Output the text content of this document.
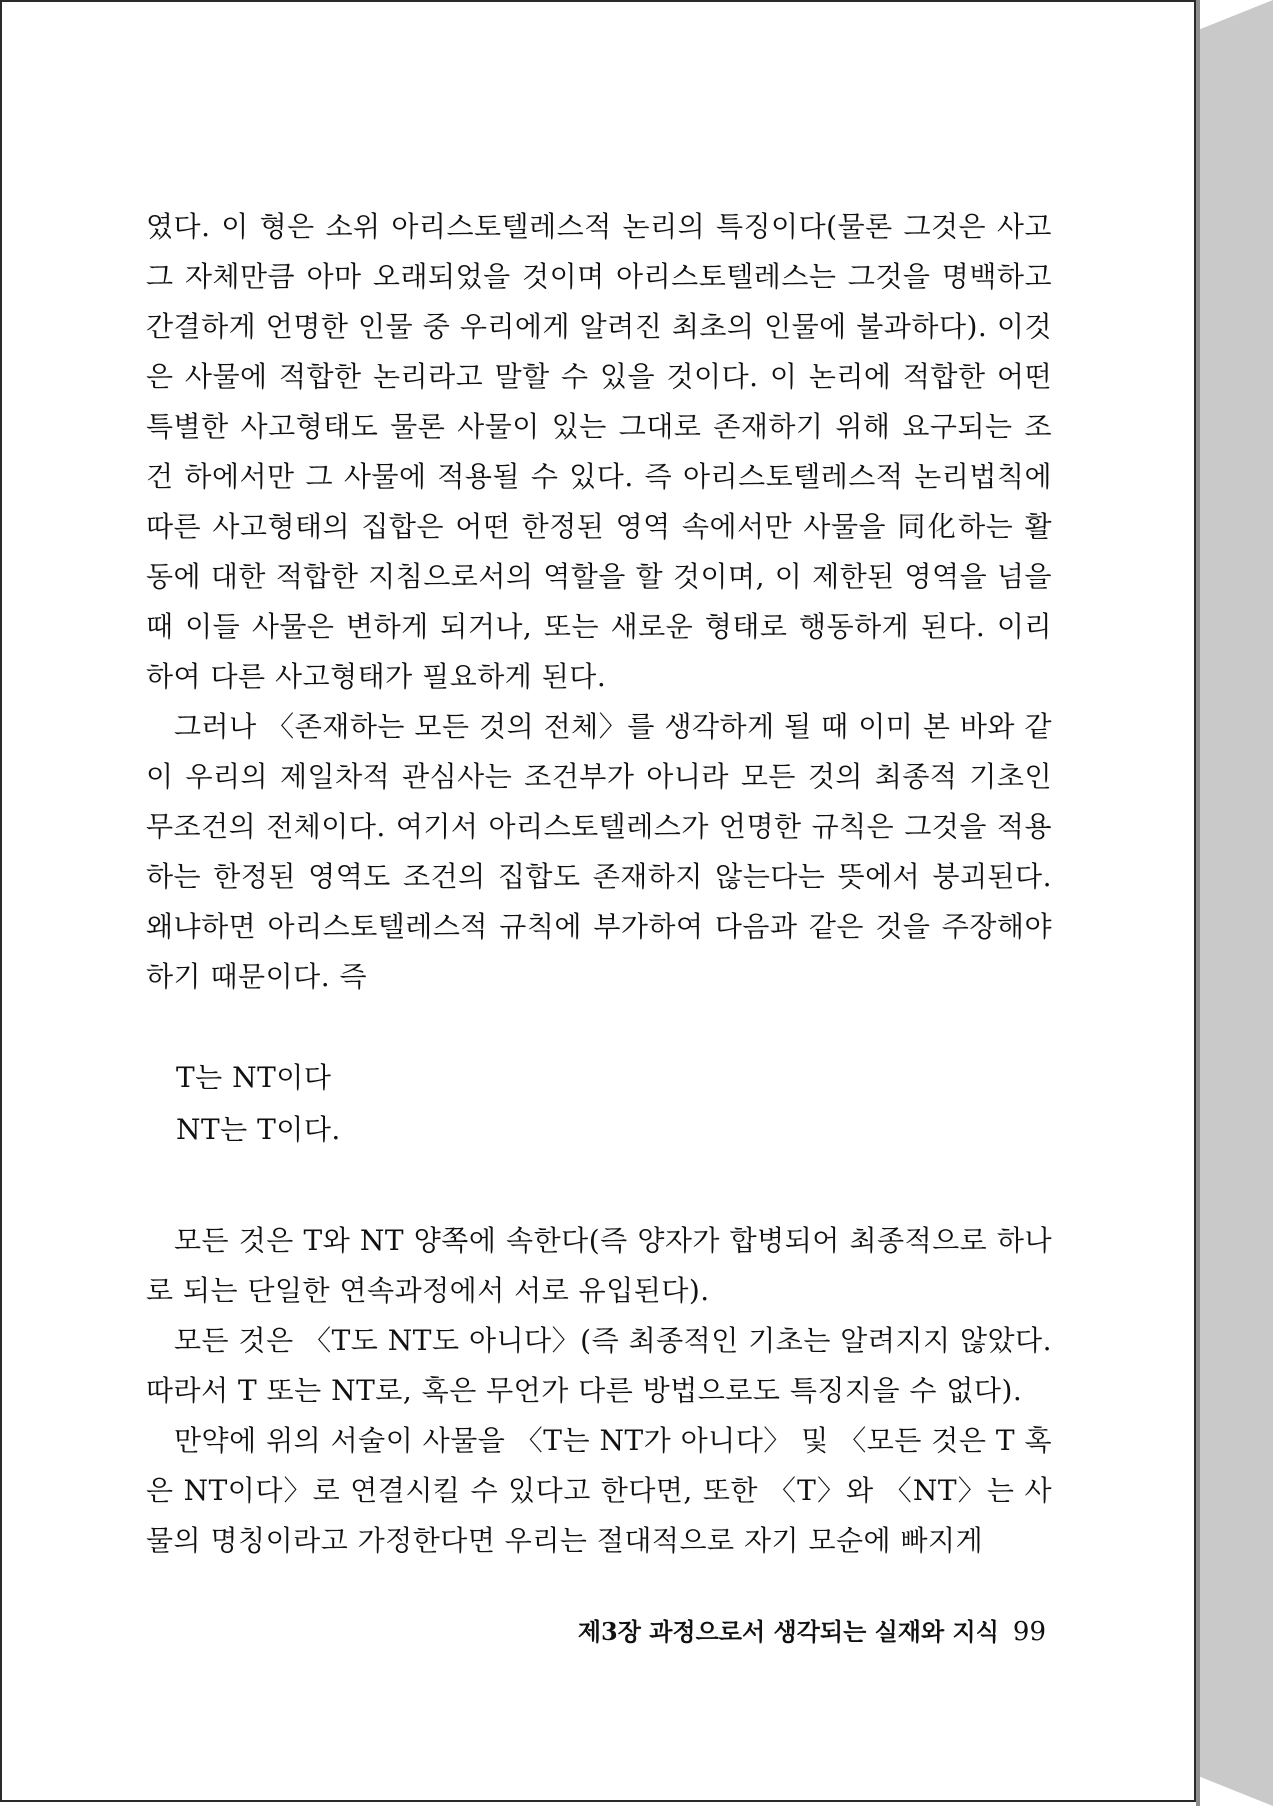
였다. 이 형은 소위 아리스토텔레스적 논리의 특징이다(물론 그것은 사고 그 자체만큼 아마 오래되었을 것이며 아리스토텔레스는 그것을 명백하고 간결하게 언명한 인물 중 우리에게 알려진 최초의 인물에 불과하다). 이것은 사물에 적합한 논리라고 말할 수 있을 것이다. 이 논리에 적합한 어떤 특별한 사고형태도 물론 사물이 있는 그대로 존재하기 위해 요구되는 조건 하에서만 그 사물에 적용될 수 있다. 즉 아리스토텔레스적 논리법칙에 따른 사고형태의 집합은 어떤 한정된 영역 속에서만 사물을 同化하는 활동에 대한 적합한 지침으로서의 역할을 할 것이며, 이 제한된 영역을 넘을 때 이들 사물은 변하게 되거나, 또는 새로운 형태로 행동하게 된다. 이리하여 다른 사고형태가 필요하게 된다.

그러나 〈존재하는 모든 것의 전체〉를 생각하게 될 때 이미 본 바와 같이 우리의 제일차적 관심사는 조건부가 아니라 모든 것의 최종적 기초인 무조건의 전체이다. 여기서 아리스토텔레스가 언명한 규칙은 그것을 적용하는 한정된 영역도 조건의 집합도 존재하지 않는다는 뜻에서 붕괴된다. 왜냐하면 아리스토텔레스적 규칙에 부가하여 다음과 같은 것을 주장해야 하기 때문이다. 즉

T는 NT이다

NT는 T이다.

모든 것은 T와 NT 양쪽에 속한다(즉 양자가 합병되어 최종적으로 하나로 되는 단일한 연속과정에서 서로 유입된다).

모든 것은 〈T도 NT도 아니다〉(즉 최종적인 기초는 알려지지 않았다. 따라서 T 또는 NT로, 혹은 무언가 다른 방법으로도 특징지을 수 없다).

만약에 위의 서술이 사물을 〈T는 NT가 아니다〉 및 〈모든 것은 T 혹은 NT이다〉로 연결시킬 수 있다고 한다면, 또한 〈T〉와 〈NT〉는 사물의 명칭이라고 가정한다면 우리는 절대적으로 자기 모순에 빠지게

제3장 과정으로서 생각되는 실재와 지식 99
